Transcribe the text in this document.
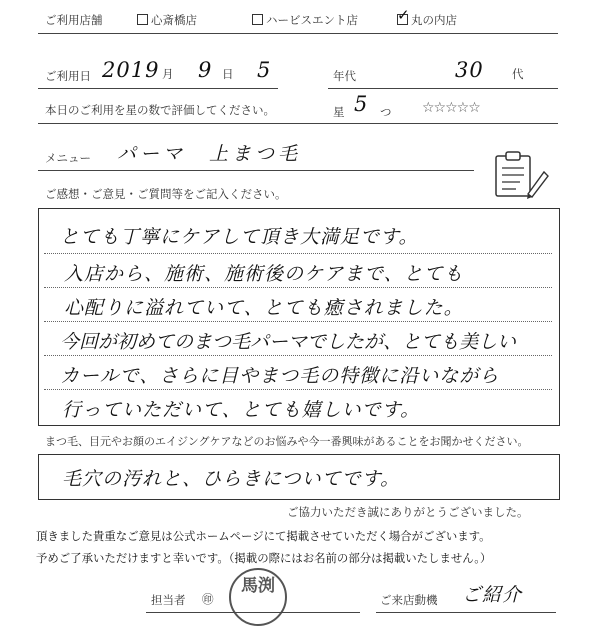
ご利用店舗	心斎橋店	ハービスエント店	✓ 丸の内店
ご利用日 2019 月 9 日 5	年代	30 代
本日のご利用を星の数で評価してください。	星 5 つ ☆☆☆☆☆
メニュー パーマ　上まつ毛
ご感想・ご意見・ご質問等をご記入ください。
とても丁寧にケアして頂き大満足です。
入店から、施術、施術後のケアまで、とても
心配りに溢れていて、とても癒されました。
今回が初めてのまつ毛パーマでしたが、とても美しい
カールで、さらに目やまつ毛の特徴に沿いながら
行っていただいて、とても嬉しいです。
まつ毛、目元やお顔のエイジングケアなどのお悩みや今一番興味があることをお聞かせください。
毛穴の汚れと、ひらきについてです。
ご協力いただき誠にありがとうございました。
頂きました貴重なご意見は公式ホームページにて掲載させていただく場合がございます。
予めご了承いただけますと幸いです。（掲載の際にはお名前の部分は掲載いたしません。）
担当者 ㊞
馬渕
ご来店動機 ご紹介
